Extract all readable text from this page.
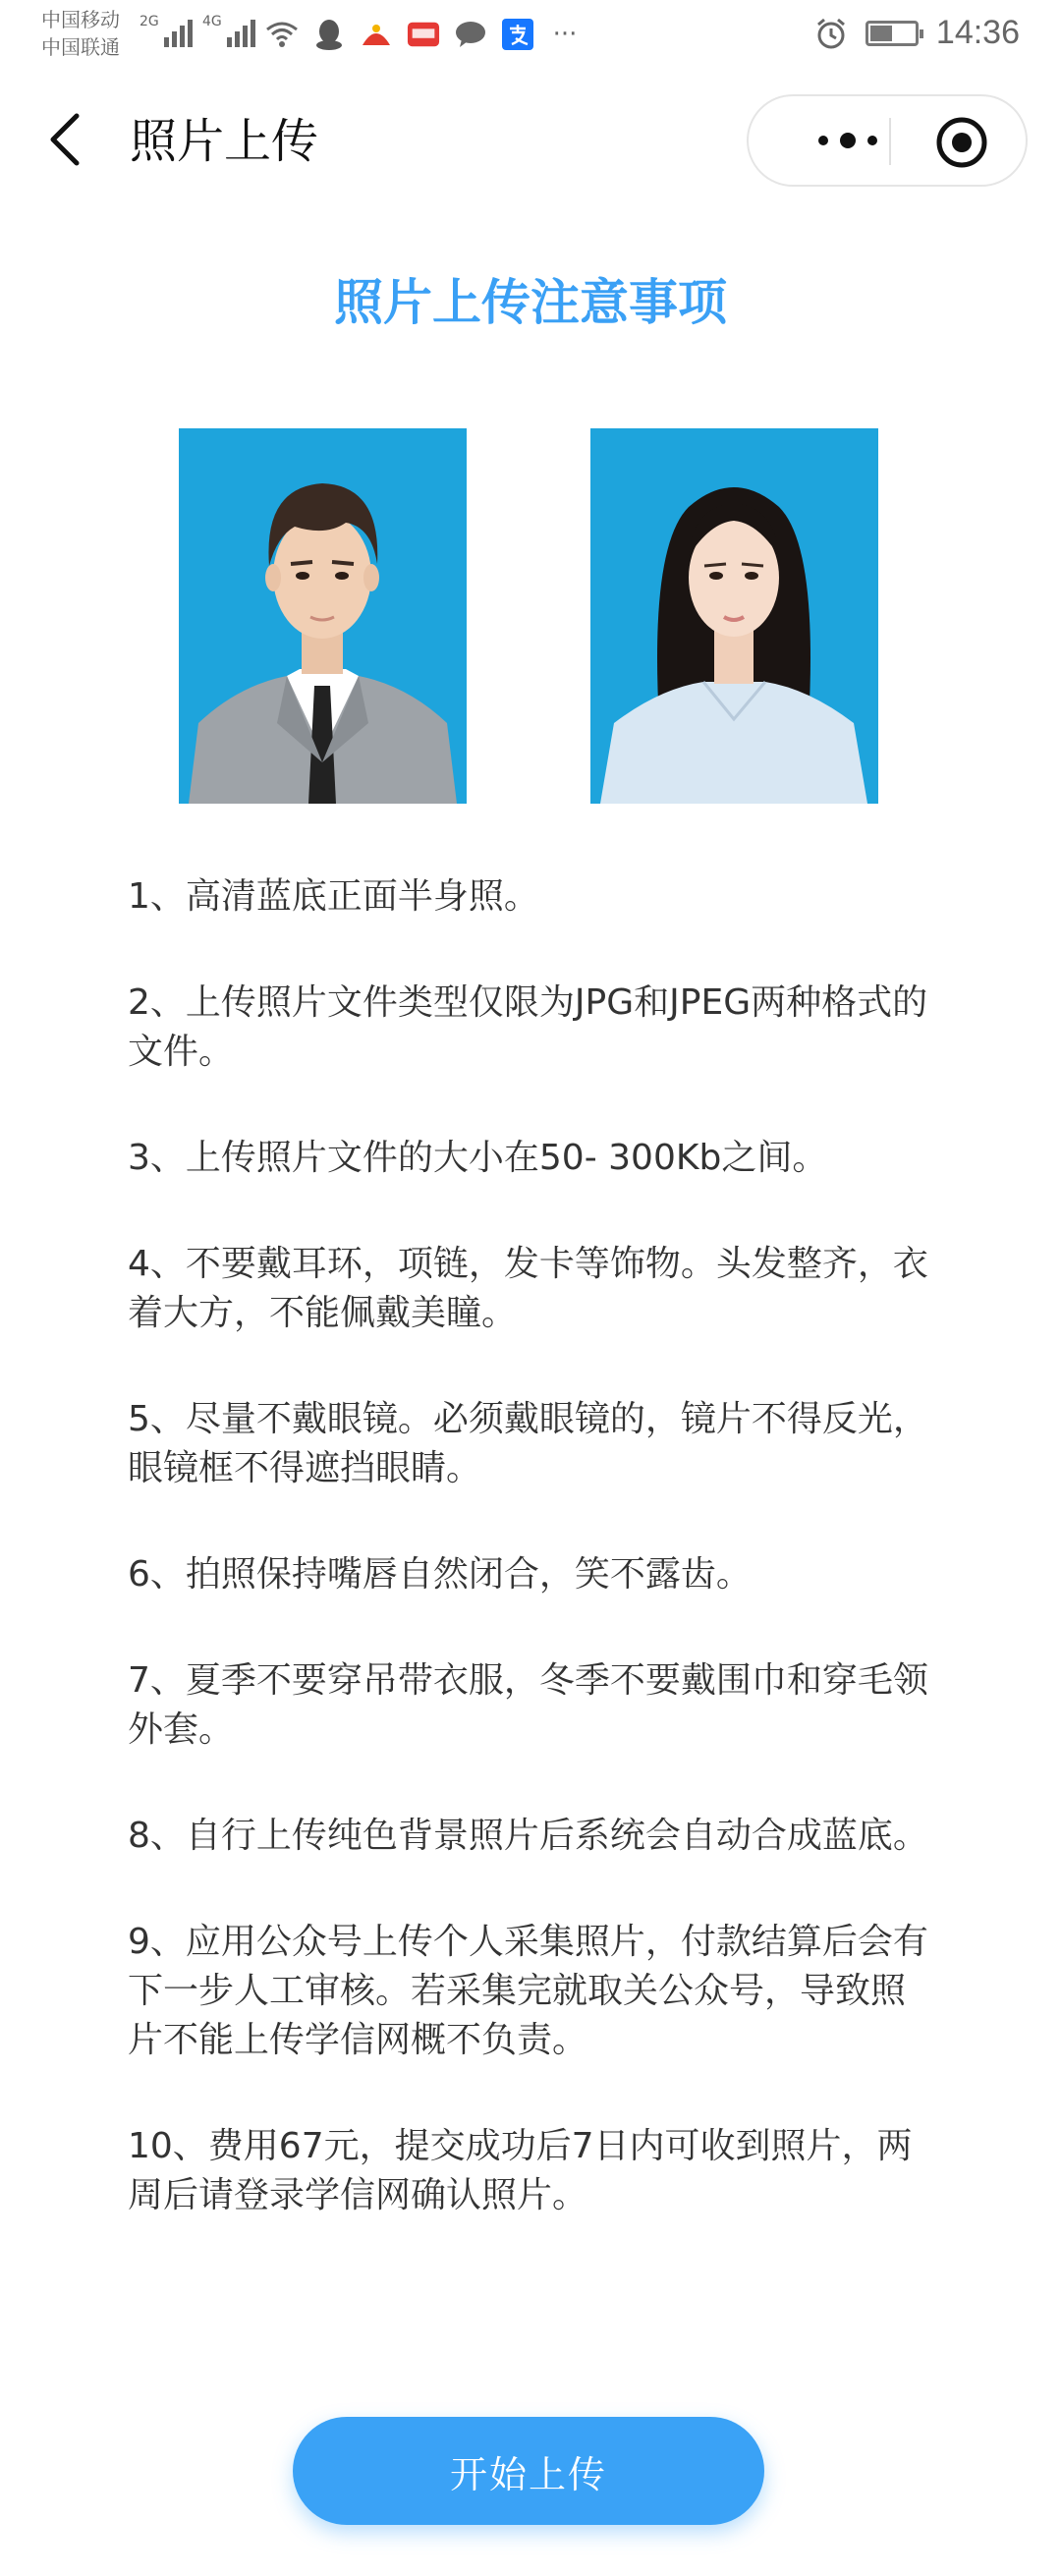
中国移动
中国联通
2G	4G	···	14:36
照片上传
照片上传注意事项
1、高清蓝底正面半身照。
2、上传照片文件类型仅限为JPG和JPEG两种格式的文件。
3、上传照片文件的大小在50- 300Kb之间。
4、不要戴耳环，项链，发卡等饰物。头发整齐，衣着大方，不能佩戴美瞳。
5、尽量不戴眼镜。必须戴眼镜的，镜片不得反光，眼镜框不得遮挡眼睛。
6、拍照保持嘴唇自然闭合，笑不露齿。
7、夏季不要穿吊带衣服，冬季不要戴围巾和穿毛领外套。
8、自行上传纯色背景照片后系统会自动合成蓝底。
9、应用公众号上传个人采集照片，付款结算后会有下一步人工审核。若采集完就取关公众号，导致照片不能上传学信网概不负责。
10、费用67元，提交成功后7日内可收到照片，两周后请登录学信网确认照片。
开始上传
